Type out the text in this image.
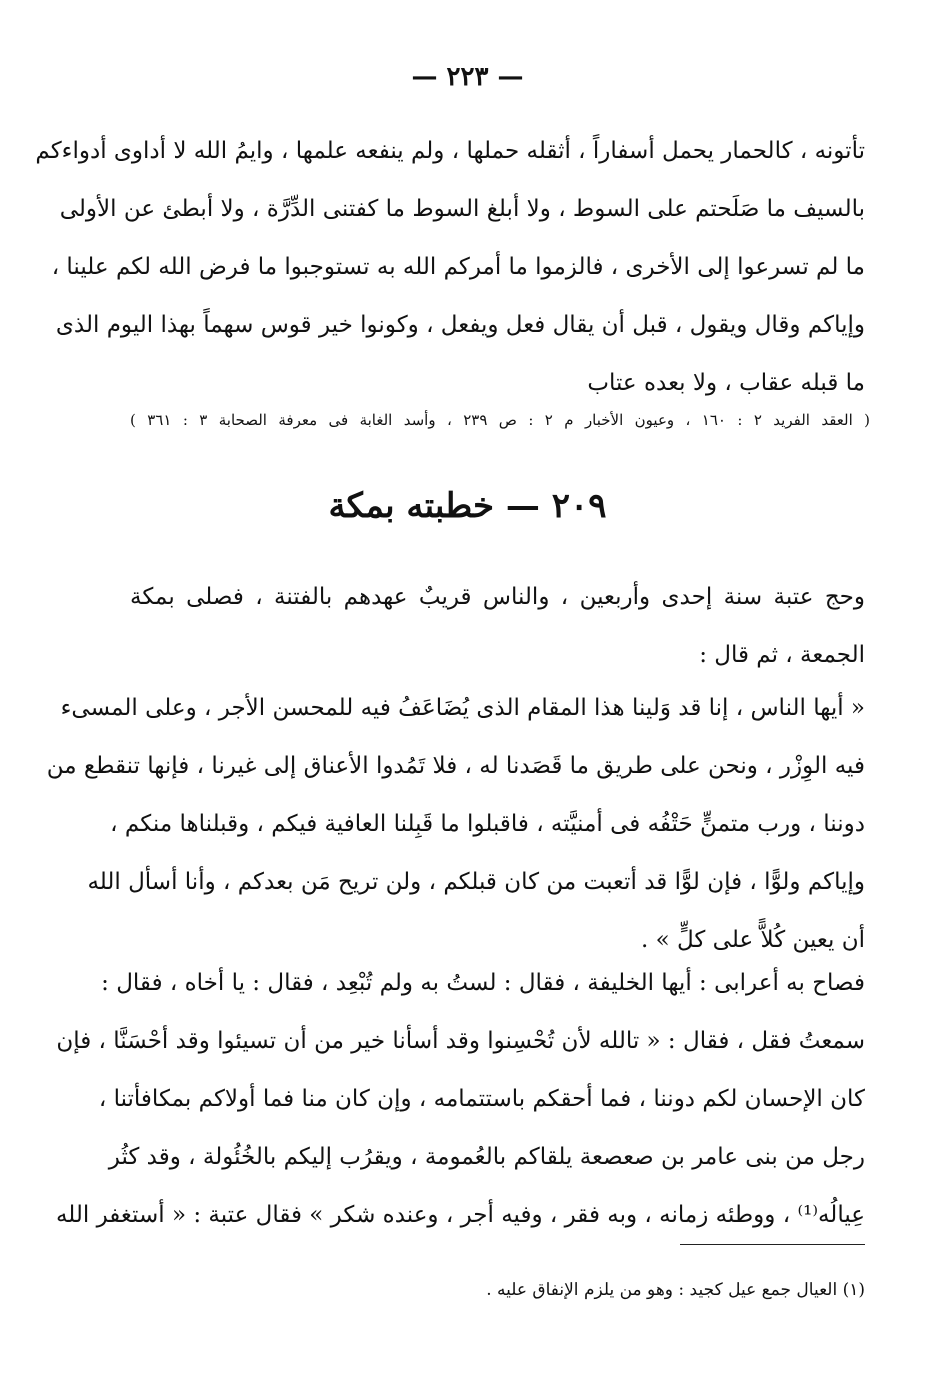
— ٢٢٣ —
تأتونه ، كالحمار يحمل أسفاراً ، أثقله حملها ، ولم ينفعه علمها ، وايمُ الله لا أداوى أدواءكم
بالسيف ما صَلَحتم على السوط ، ولا أبلغ السوط ما كفتنى الدِّرَّة ، ولا أبطئ عن الأولى
ما لم تسرعوا إلى الأخرى ، فالزموا ما أمركم الله به تستوجبوا ما فرض الله لكم علينا ،
وإياكم وقال ويقول ، قبل أن يقال فعل ويفعل ، وكونوا خير قوس سهماً بهذا اليوم الذى
ما قبله عقاب ، ولا بعده عتاب
( العقد الفريد ٢ : ١٦٠ ، وعيون الأخبار م ٢ : ص ٢٣٩ ، وأسد الغابة فى معرفة الصحابة ٣ : ٣٦١ )
٢٠٩ — خطبته بمكة
وحج عتبة سنة إحدى وأربعين ، والناس قريبٌ عهدهم بالفتنة ، فصلى بمكة
الجمعة ، ثم قال :
« أيها الناس ، إنا قد وَلينا هذا المقام الذى يُضَاعَفُ فيه للمحسن الأجر ، وعلى المسىء
فيه الوِزْر ، ونحن على طريق ما قَصَدنا له ، فلا تَمُدوا الأعناق إلى غيرنا ، فإنها تنقطع من
دوننا ، ورب متمنٍّ حَتْفُه فى أمنيَّته ، فاقبلوا ما قَبِلنا العافية فيكم ، وقبلناها منكم ،
وإياكم ولوًّا ، فإن لوًّا قد أتعبت من كان قبلكم ، ولن تريح مَن بعدكم ، وأنا أسأل الله
أن يعين كُلاًّ على كلٍّ » .
فصاح به أعرابى : أيها الخليفة ، فقال : لستُ به ولم تُبْعِد ، فقال : يا أخاه ، فقال :
سمعتُ فقل ، فقال : « تالله لأن تُحْسِنوا وقد أسأنا خير من أن تسيئوا وقد أحْسَنَّا ، فإن
كان الإحسان لكم دوننا ، فما أحقكم باستتمامه ، وإن كان منا فما أولاكم بمكافأتنا ،
رجل من بنى عامر بن صعصعة يلقاكم بالعُمومة ، ويقرُب إليكم بالخُئُولة ، وقد كثُر
عِيالُه⁽¹⁾ ، ووطئه زمانه ، وبه فقر ، وفيه أجر ، وعنده شكر » فقال عتبة : « أستغفر الله
(١) العيال جمع عيل كجيد : وهو من يلزم الإنفاق عليه .
